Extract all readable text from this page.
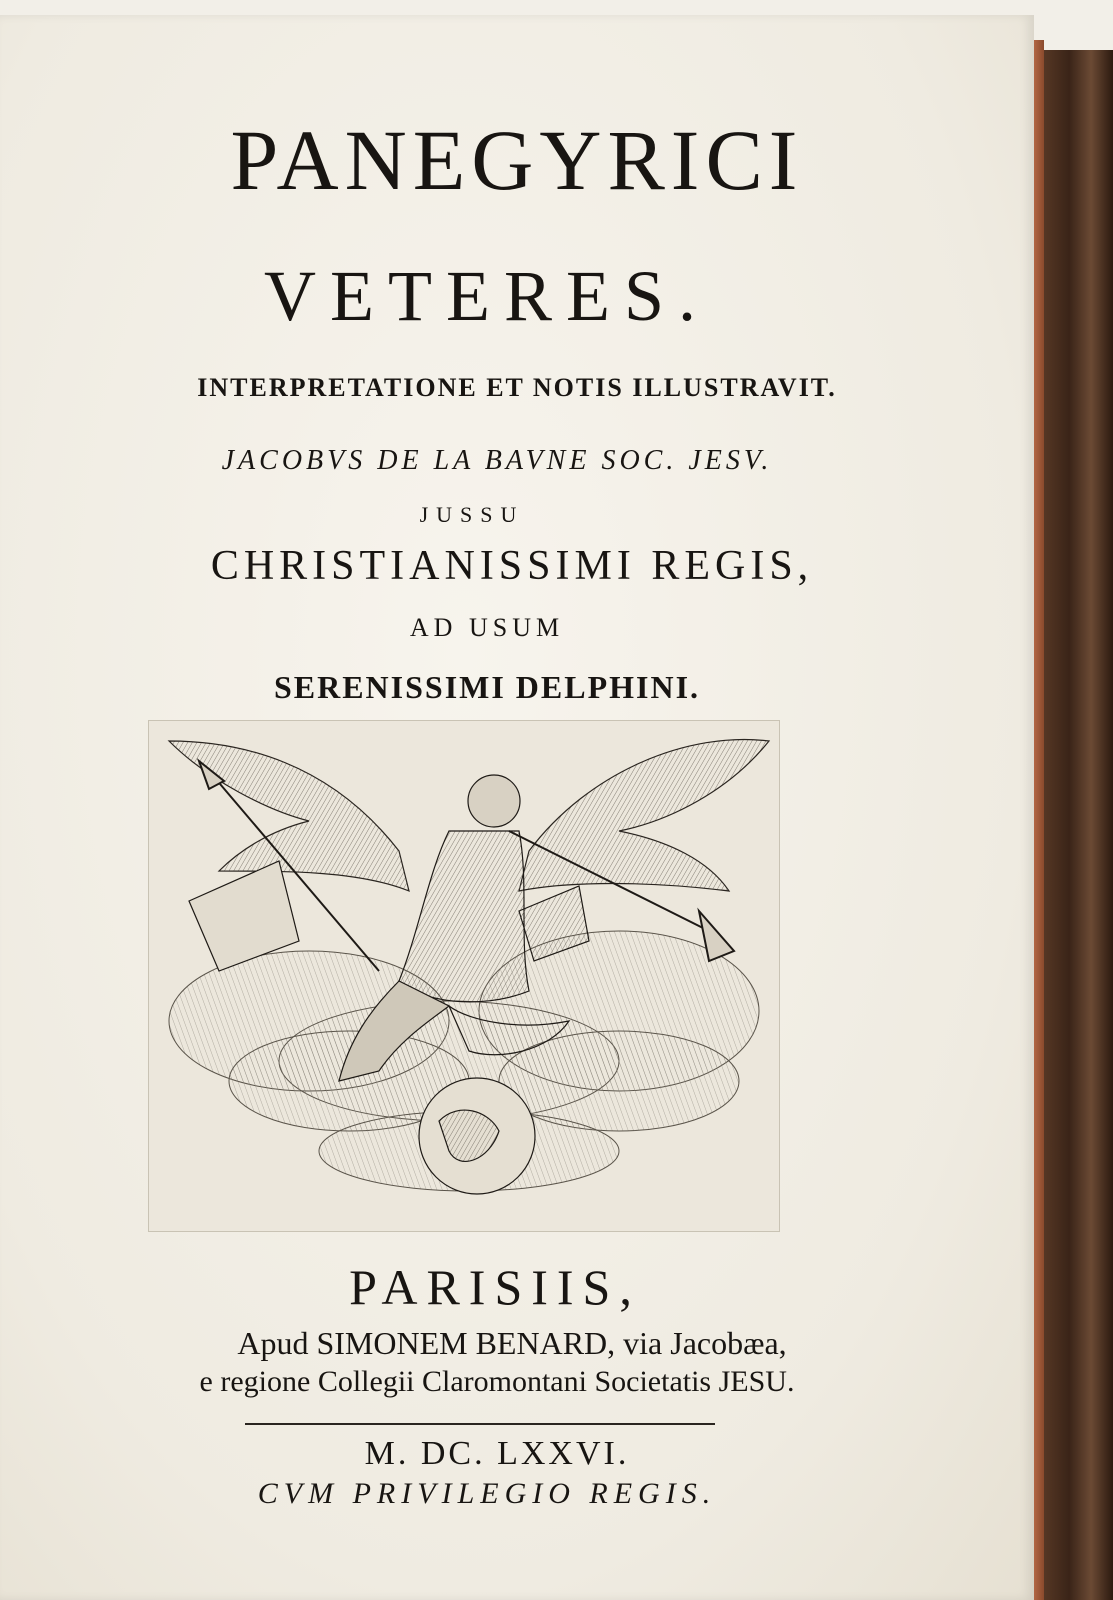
PANEGYRICI
VETERES.
INTERPRETATIONE ET NOTIS ILLUSTRAVIT.
JACOBVS DE LA BAVNE SOC. JESV.
JUSSU
CHRISTIANISSIMI REGIS,
AD USUM
SERENISSIMI DELPHINI.
PARISIIS,
Apud SIMONEM BENARD, via Jacobæa,
e regione Collegii Claromontani Societatis JESU.
M. DC. LXXVI.
CVM PRIVILEGIO REGIS.
